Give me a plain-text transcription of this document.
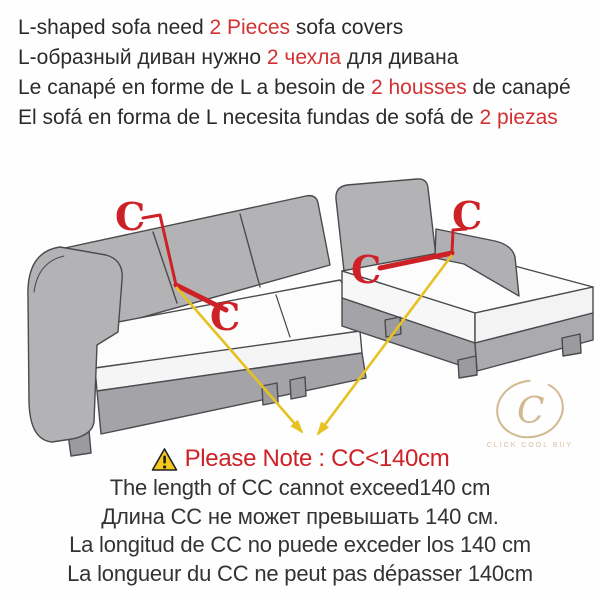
L-shaped sofa need 2 Pieces sofa covers
L-образный диван нужно 2 чехла для дивана
Le canapé en forme de L a besoin de 2 housses de canapé
El sofá en forma de L necesita fundas de sofá de 2 piezas
C
C
C
C
C
CLICK COOL BUY
Please Note : CC<140cm
The length of CC cannot exceed140 cm
Длина CC не может превышать 140 см.
La longitud de CC no puede exceder los 140 cm
La longueur du CC ne peut pas dépasser 140cm
